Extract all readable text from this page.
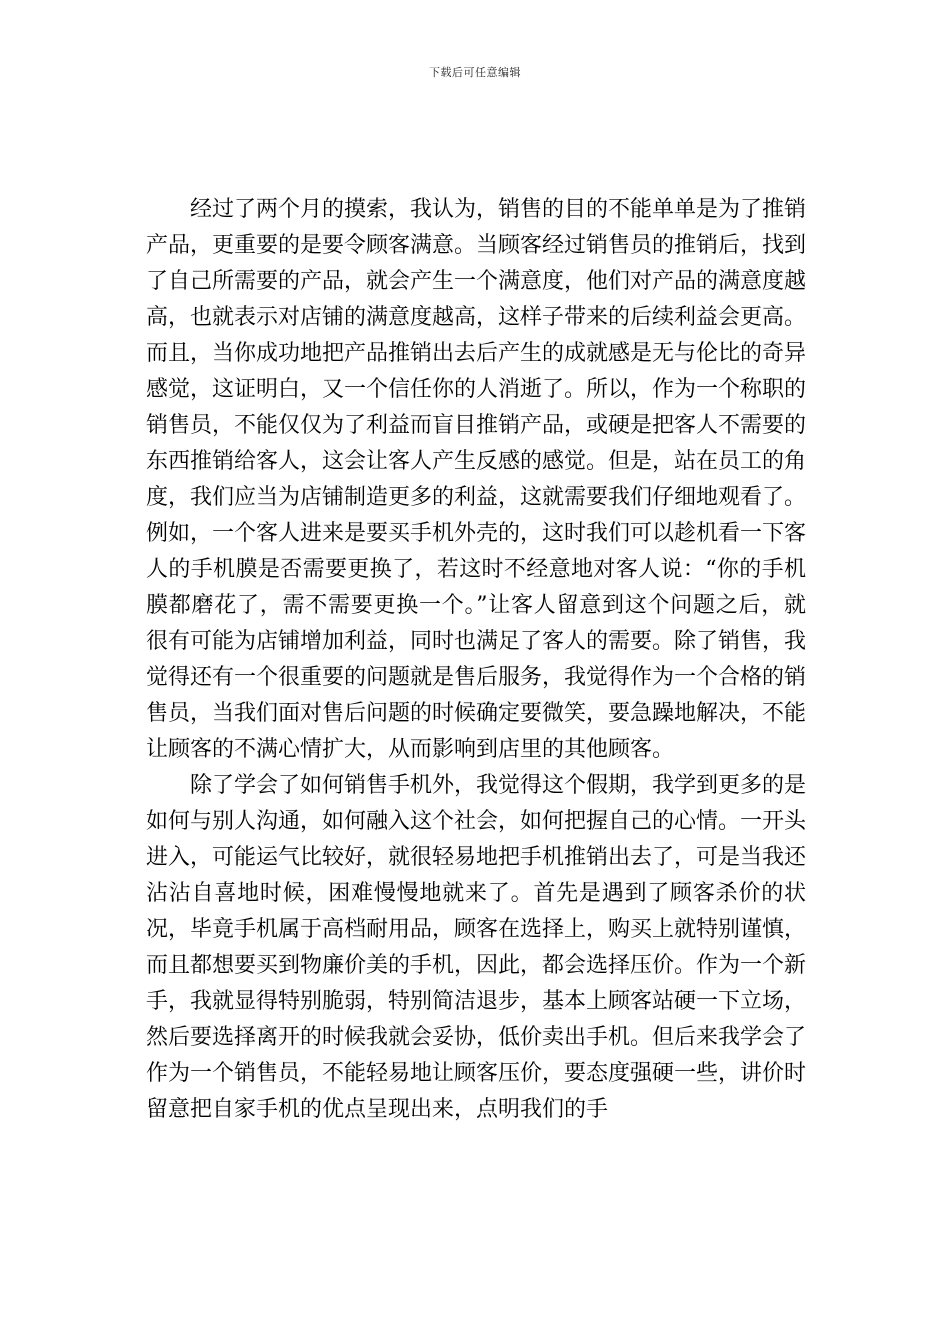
下载后可任意编辑

经过了两个月的摸索，我认为，销售的目的不能单单是为了推销产品，更重要的是要令顾客满意。当顾客经过销售员的推销后，找到了自己所需要的产品，就会产生一个满意度，他们对产品的满意度越高，也就表示对店铺的满意度越高，这样子带来的后续利益会更高。而且，当你成功地把产品推销出去后产生的成就感是无与伦比的奇异感觉，这证明白，又一个信任你的人消逝了。所以，作为一个称职的销售员，不能仅仅为了利益而盲目推销产品，或硬是把客人不需要的东西推销给客人，这会让客人产生反感的感觉。但是，站在员工的角度，我们应当为店铺制造更多的利益，这就需要我们仔细地观看了。例如，一个客人进来是要买手机外壳的，这时我们可以趁机看一下客人的手机膜是否需要更换了，若这时不经意地对客人说：“你的手机膜都磨花了，需不需要更换一个。”让客人留意到这个问题之后，就很有可能为店铺增加利益，同时也满足了客人的需要。除了销售，我觉得还有一个很重要的问题就是售后服务，我觉得作为一个合格的销售员，当我们面对售后问题的时候确定要微笑，要急躁地解决，不能让顾客的不满心情扩大，从而影响到店里的其他顾客。

除了学会了如何销售手机外，我觉得这个假期，我学到更多的是如何与别人沟通，如何融入这个社会，如何把握自己的心情。一开头进入，可能运气比较好，就很轻易地把手机推销出去了，可是当我还沾沾自喜地时候，困难慢慢地就来了。首先是遇到了顾客杀价的状况，毕竟手机属于高档耐用品，顾客在选择上，购买上就特别谨慎，而且都想要买到物廉价美的手机，因此，都会选择压价。作为一个新手，我就显得特别脆弱，特别简洁退步，基本上顾客站硬一下立场，然后要选择离开的时候我就会妥协，低价卖出手机。但后来我学会了作为一个销售员，不能轻易地让顾客压价，要态度强硬一些，讲价时留意把自家手机的优点呈现出来，点明我们的手
